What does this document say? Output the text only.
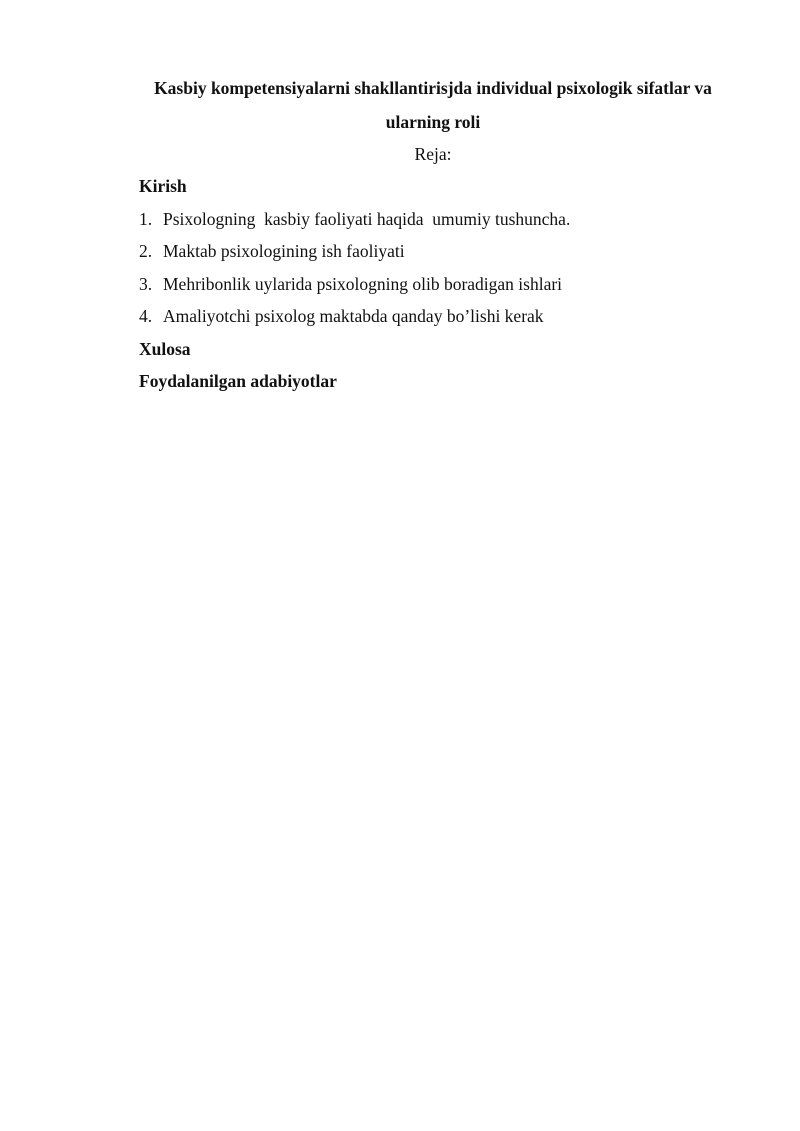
Kasbiy kompetensiyalarni shakllantirisjda individual psixologik sifatlar va
ularning roli

Reja:

Kirish
1. Psixologning  kasbiy faoliyati haqida  umumiy tushuncha.
2. Maktab psixologining ish faoliyati
3. Mehribonlik uylarida psixologning olib boradigan ishlari
4. Amaliyotchi psixolog maktabda qanday bo’lishi kerak
Xulosa
Foydalanilgan adabiyotlar
